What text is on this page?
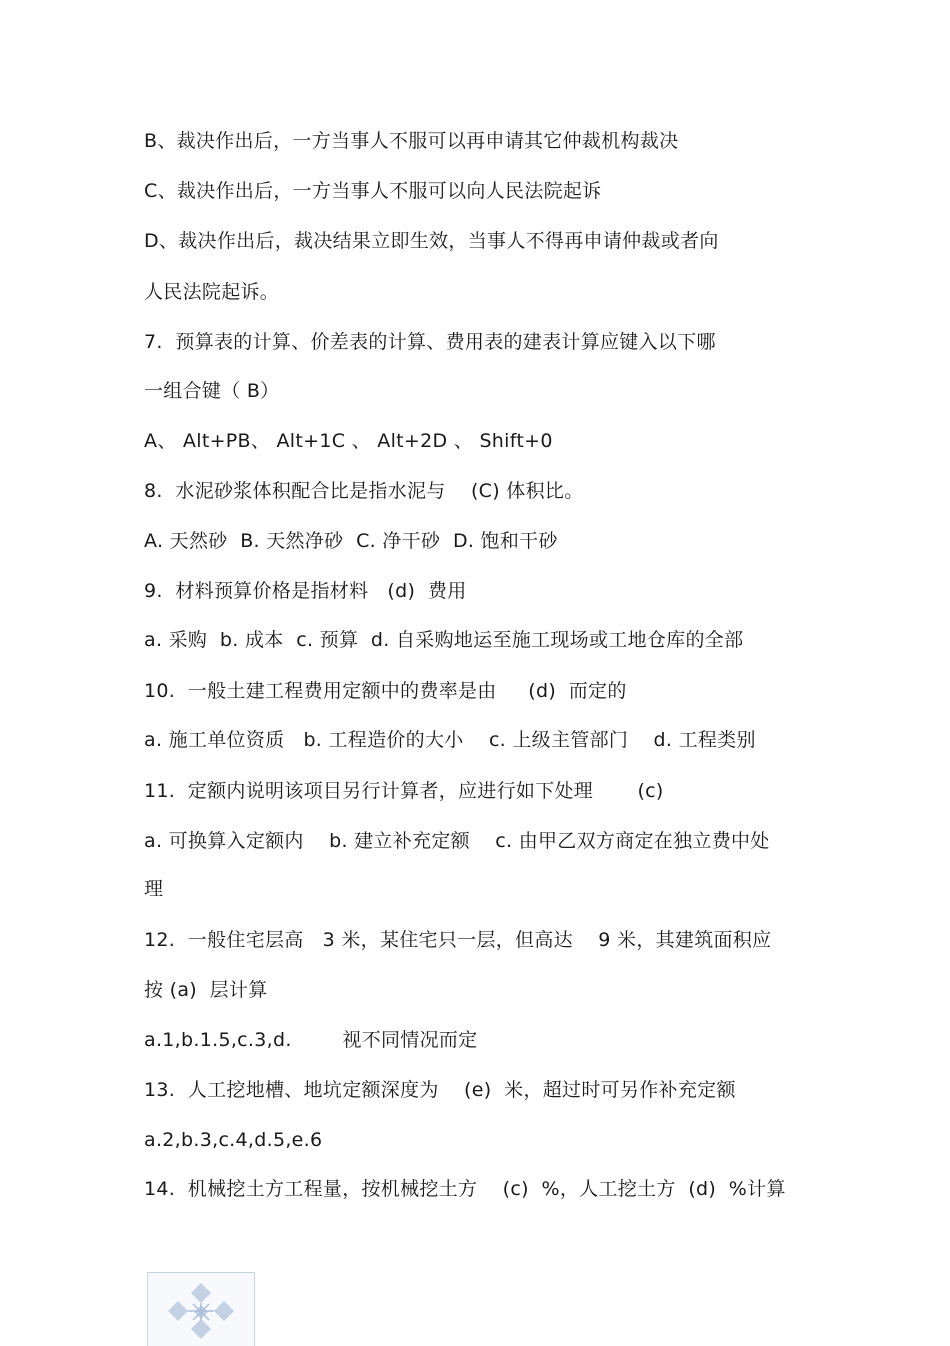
B、裁决作出后，一方当事人不服可以再申请其它仲裁机构裁决
C、裁决作出后，一方当事人不服可以向人民法院起诉
D、裁决作出后，裁决结果立即生效，当事人不得再申请仲裁或者向
人民法院起诉。
7.  预算表的计算、价差表的计算、费用表的建表计算应键入以下哪
一组合键（ B）
A、 Alt+PB、 Alt+1C 、 Alt+2D 、 Shift+0
8.  水泥砂浆体积配合比是指水泥与    (C) 体积比。
A. 天然砂  B. 天然净砂  C. 净干砂  D. 饱和干砂
9.  材料预算价格是指材料   (d)  费用
a. 采购  b. 成本  c. 预算  d. 自采购地运至施工现场或工地仓库的全部
10.  一般土建工程费用定额中的费率是由     (d)  而定的
a. 施工单位资质   b. 工程造价的大小    c. 上级主管部门    d. 工程类别
11.  定额内说明该项目另行计算者，应进行如下处理       (c)
a. 可换算入定额内    b. 建立补充定额    c. 由甲乙双方商定在独立费中处
理
12.  一般住宅层高   3 米，某住宅只一层，但高达    9 米，其建筑面积应
按 (a)  层计算
a.1,b.1.5,c.3,d.        视不同情况而定
13.  人工挖地槽、地坑定额深度为    (e)  米，超过时可另作补充定额
a.2,b.3,c.4,d.5,e.6
14.  机械挖土方工程量，按机械挖土方    (c)  %，人工挖土方  (d)  %计算
